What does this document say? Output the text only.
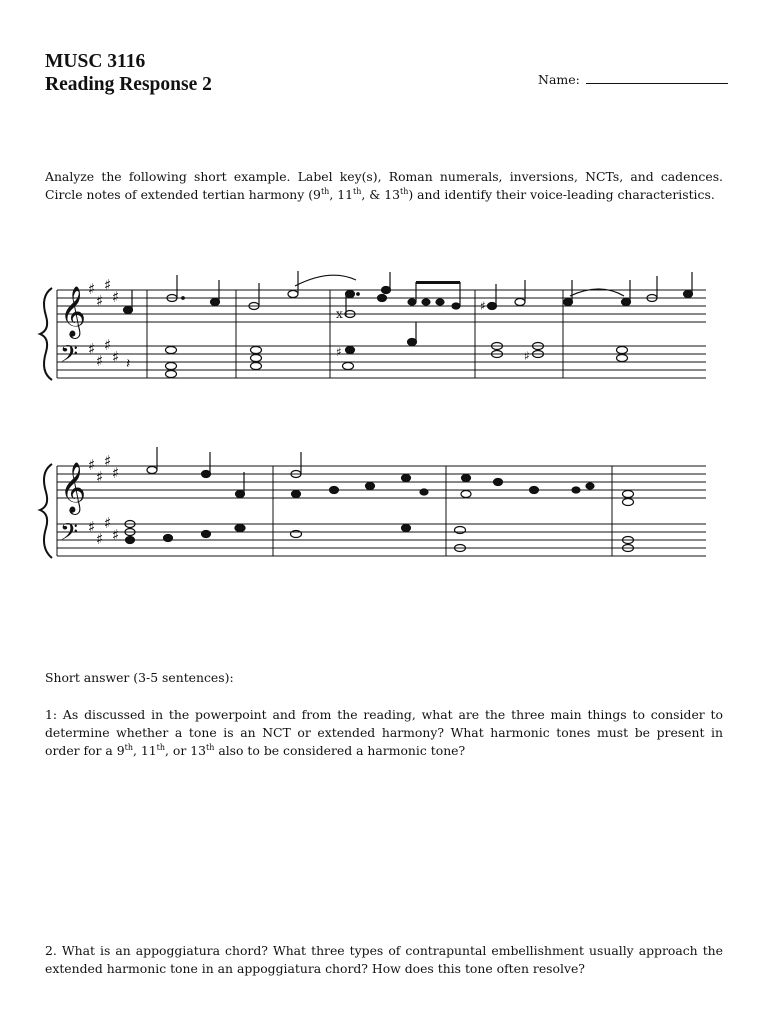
MUSC 3116
Reading Response 2	Name:
Analyze the following short example. Label key(s), Roman numerals, inversions, NCTs, and cadences.
Circle notes of extended tertian harmony (9th, 11th, & 13th) and identify their voice-leading characteristics.
𝄞
𝄢
𝄞
𝄢
♯
♯
♯
♯
♯
♯
♯
♯
♯
♯
♯
♯
♯
♯
♯
♯
𝄽
x
♯
♯
♯
Short answer (3-5 sentences):
1: As discussed in the powerpoint and from the reading, what are the three main things to consider to
determine whether a tone is an NCT or extended harmony? What harmonic tones must be present in
order for a 9th, 11th, or 13th also to be considered a harmonic tone?
2. What is an appoggiatura chord? What three types of contrapuntal embellishment usually approach the
extended harmonic tone in an appoggiatura chord? How does this tone often resolve?
